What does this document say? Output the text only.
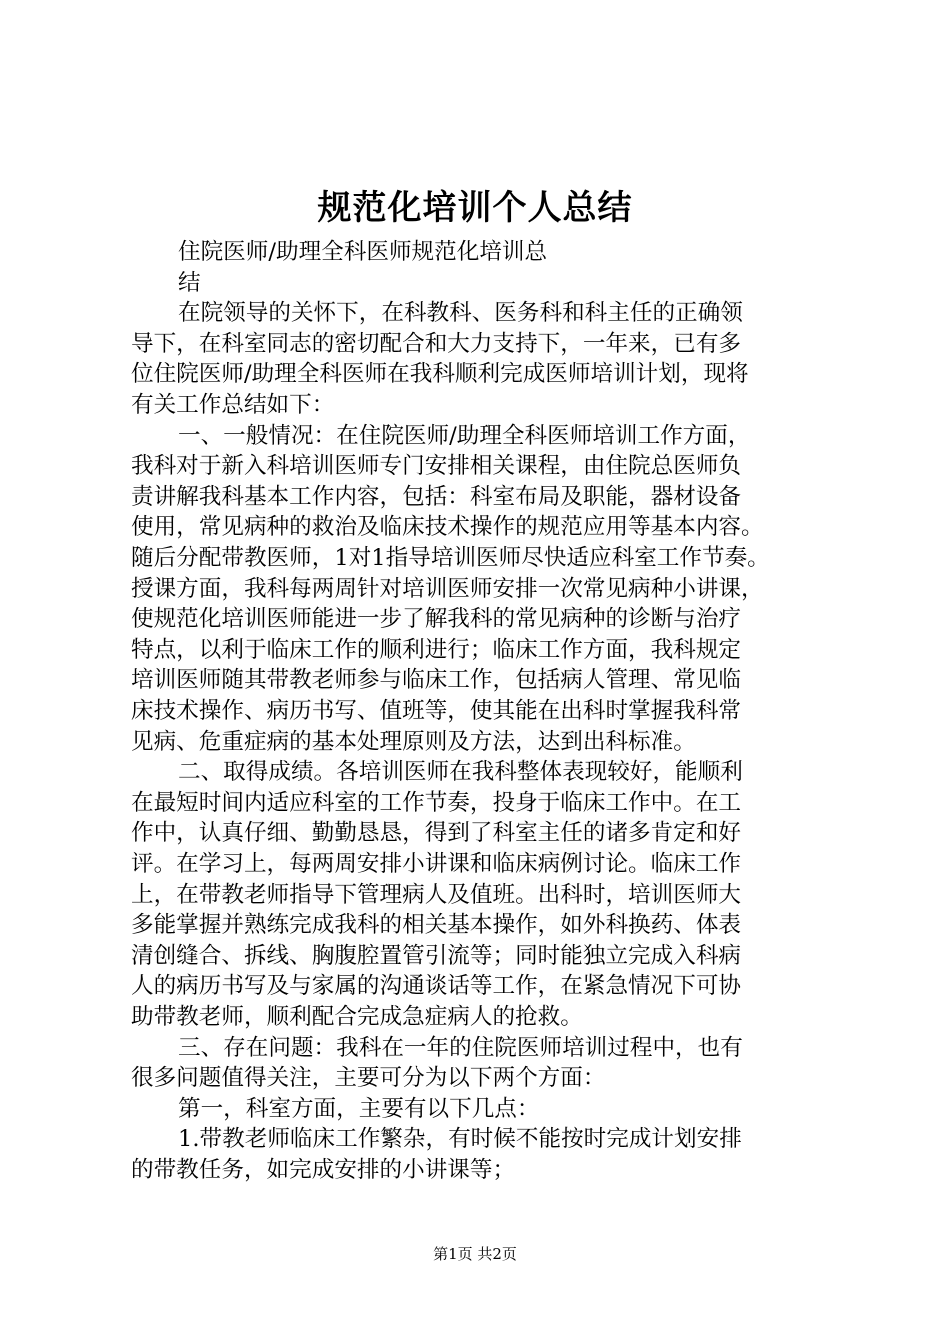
规范化培训个人总结
住院医师/助理全科医师规范化培训总
结
在院领导的关怀下，在科教科、医务科和科主任的正确领
导下，在科室同志的密切配合和大力支持下，一年来，已有多
位住院医师/助理全科医师在我科顺利完成医师培训计划，现将
有关工作总结如下：
一、一般情况：在住院医师/助理全科医师培训工作方面，
我科对于新入科培训医师专门安排相关课程，由住院总医师负
责讲解我科基本工作内容，包括：科室布局及职能，器材设备
使用，常见病种的救治及临床技术操作的规范应用等基本内容。
随后分配带教医师，1对1指导培训医师尽快适应科室工作节奏。
授课方面，我科每两周针对培训医师安排一次常见病种小讲课，
使规范化培训医师能进一步了解我科的常见病种的诊断与治疗
特点，以利于临床工作的顺利进行；临床工作方面，我科规定
培训医师随其带教老师参与临床工作，包括病人管理、常见临
床技术操作、病历书写、值班等，使其能在出科时掌握我科常
见病、危重症病的基本处理原则及方法，达到出科标准。
二、取得成绩。各培训医师在我科整体表现较好，能顺利
在最短时间内适应科室的工作节奏，投身于临床工作中。在工
作中，认真仔细、勤勤恳恳，得到了科室主任的诸多肯定和好
评。在学习上，每两周安排小讲课和临床病例讨论。临床工作
上，在带教老师指导下管理病人及值班。出科时，培训医师大
多能掌握并熟练完成我科的相关基本操作，如外科换药、体表
清创缝合、拆线、胸腹腔置管引流等；同时能独立完成入科病
人的病历书写及与家属的沟通谈话等工作，在紧急情况下可协
助带教老师，顺利配合完成急症病人的抢救。
三、存在问题：我科在一年的住院医师培训过程中，也有
很多问题值得关注，主要可分为以下两个方面：
第一，科室方面，主要有以下几点：
1.带教老师临床工作繁杂，有时候不能按时完成计划安排
的带教任务，如完成安排的小讲课等；
第1页 共2页
